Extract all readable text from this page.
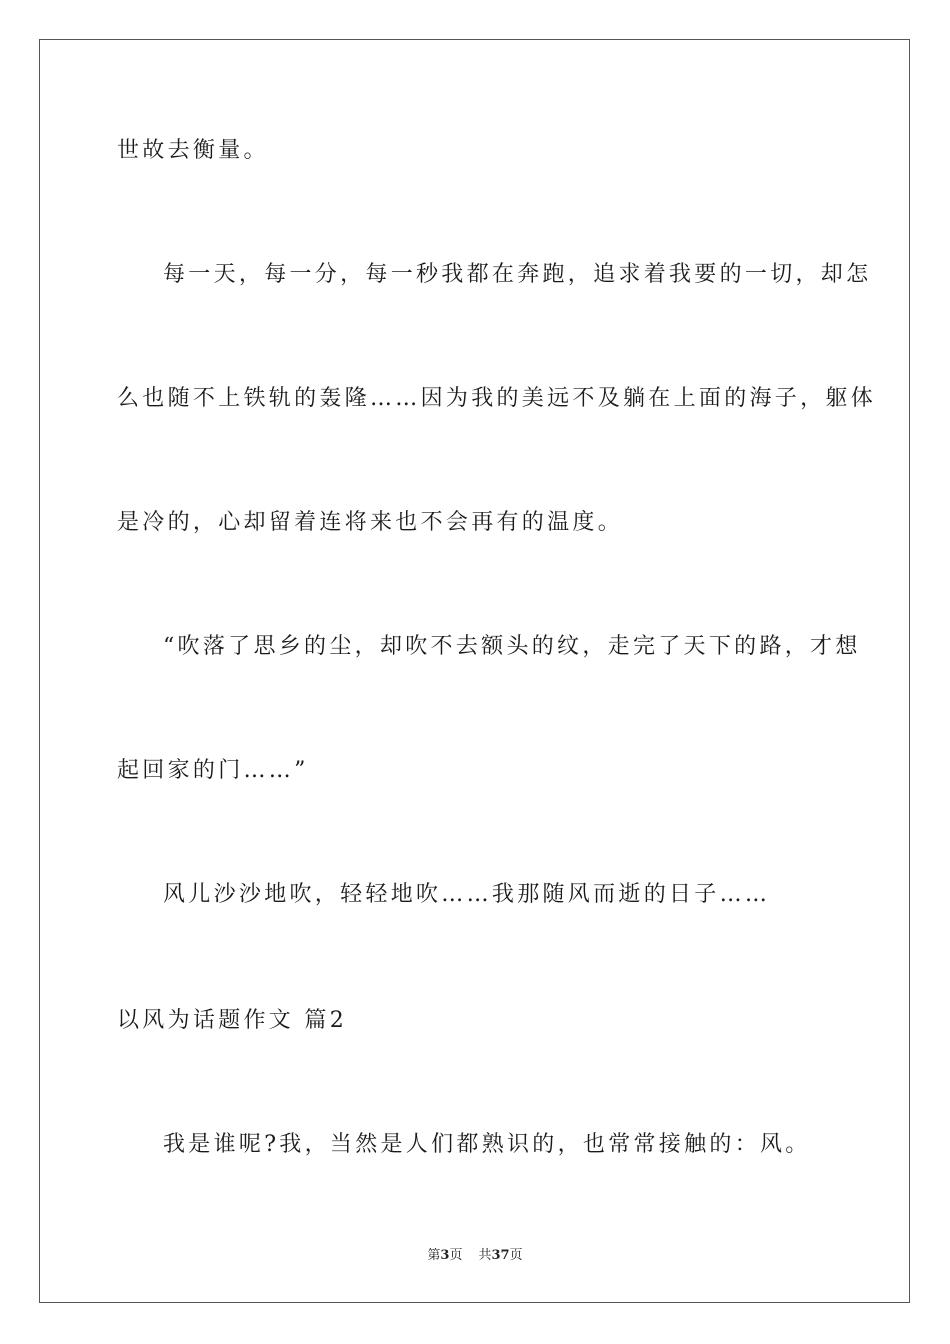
世故去衡量。
每一天，每一分，每一秒我都在奔跑，追求着我要的一切，却怎
么也随不上铁轨的轰隆……因为我的美远不及躺在上面的海子，躯体
是冷的，心却留着连将来也不会再有的温度。
“吹落了思乡的尘，却吹不去额头的纹，走完了天下的路，才想
起回家的门……”
风儿沙沙地吹，轻轻地吹……我那随风而逝的日子……
以风为话题作文 篇2
我是谁呢?我，当然是人们都熟识的，也常常接触的：风。
第3页 共37页
